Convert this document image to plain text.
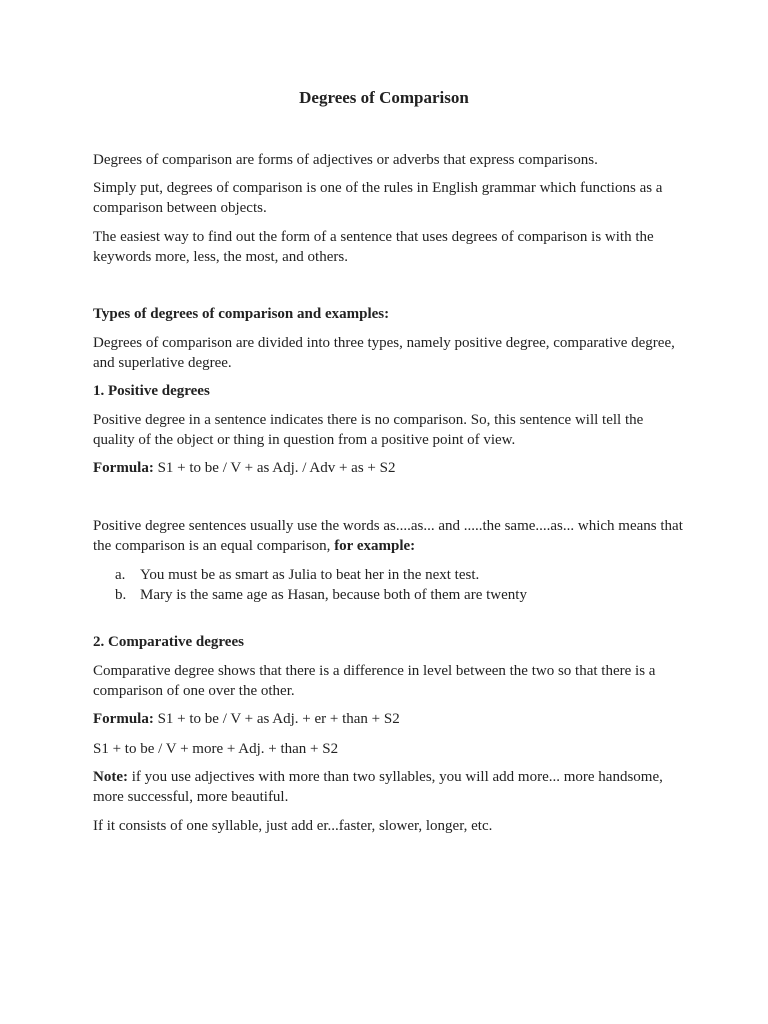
Degrees of Comparison

Degrees of comparison are forms of adjectives or adverbs that express comparisons.

Simply put, degrees of comparison is one of the rules in English grammar which functions as a comparison between objects.

The easiest way to find out the form of a sentence that uses degrees of comparison is with the keywords more, less, the most, and others.

Types of degrees of comparison and examples:

Degrees of comparison are divided into three types, namely positive degree, comparative degree, and superlative degree.

1. Positive degrees

Positive degree in a sentence indicates there is no comparison. So, this sentence will tell the quality of the object or thing in question from a positive point of view.

Formula: S1 + to be / V + as Adj. / Adv + as + S2

Positive degree sentences usually use the words as....as... and .....the same....as... which means that the comparison is an equal comparison, for example:

a. You must be as smart as Julia to beat her in the next test.
b. Mary is the same age as Hasan, because both of them are twenty

2. Comparative degrees

Comparative degree shows that there is a difference in level between the two so that there is a comparison of one over the other.

Formula: S1 + to be / V + as Adj. + er + than + S2

S1 + to be / V + more + Adj. + than + S2

Note: if you use adjectives with more than two syllables, you will add more... more handsome, more successful, more beautiful.

If it consists of one syllable, just add er...faster, slower, longer, etc.
